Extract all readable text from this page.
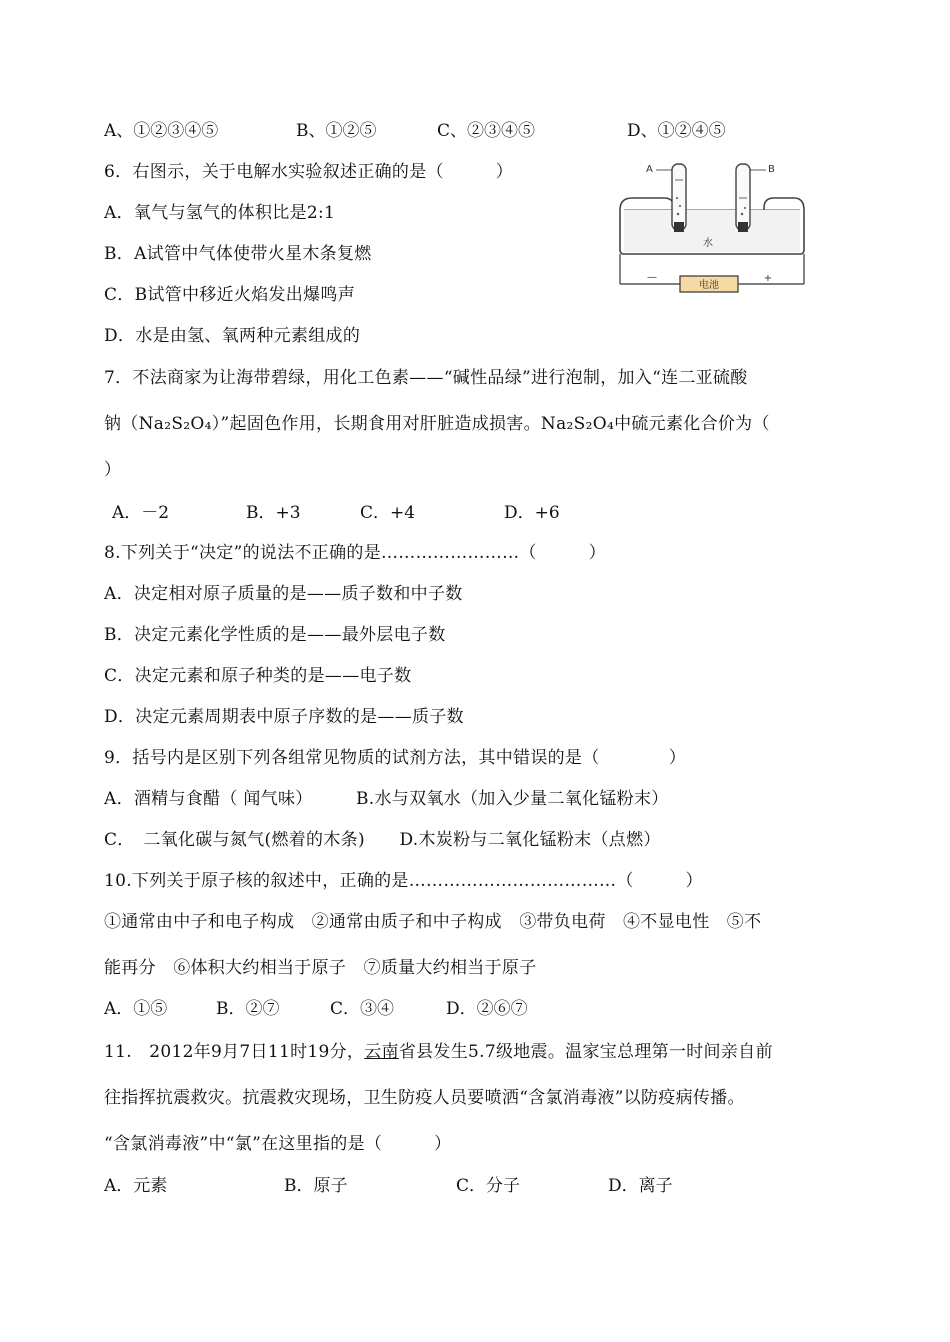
A、①②③④⑤

	B、①②⑤

	C、②③④⑤

	D、①②④⑤

6．右图示，关于电解水实验叙述正确的是（　　　）
A．氧气与氢气的体积比是2:1
B．A试管中气体使带火星木条复燃
C．B试管中移近火焰发出爆鸣声
D．水是由氢、氧两种元素组成的
电池
—	+
A	B
水
7．不法商家为让海带碧绿，用化工色素——“碱性品绿”进行泡制，加入“连二亚硫酸
钠（Na₂S₂O₄）”起固色作用，长期食用对肝脏造成损害。Na₂S₂O₄中硫元素化合价为（
）

A．－2

	B．+3

	C．+4

	D．+6

8.下列关于“决定”的说法不正确的是……………………（　　　）
A．决定相对原子质量的是——质子数和中子数
B．决定元素化学性质的是——最外层电子数
C．决定元素和原子种类的是——电子数
D．决定元素周期表中原子序数的是——质子数
9．括号内是区别下列各组常见物质的试剂方法，其中错误的是（　　　　）
A．酒精与食醋（ 闻气味）　　　B.水与双氧水（加入少量二氧化锰粉末）
C．　二氧化碳与氮气(燃着的木条)　　D.木炭粉与二氧化锰粉末（点燃）
10.下列关于原子核的叙述中，正确的是………………………………（　　　）
①通常由中子和电子构成　②通常由质子和中子构成　③带负电荷　④不显电性　⑤不
能再分　⑥体积大约相当于原子　⑦质量大约相当于原子

A．①⑤

	B．②⑦

	C．③④

	D．②⑥⑦

11.　2012年9月7日11时19分，云南省县发生5.7级地震。温家宝总理第一时间亲自前
往指挥抗震救灾。抗震救灾现场，卫生防疫人员要喷洒“含氯消毒液”以防疫病传播。
“含氯消毒液”中“氯”在这里指的是（　　　）

A．元素

	B．原子

	C．分子

	D．离子
